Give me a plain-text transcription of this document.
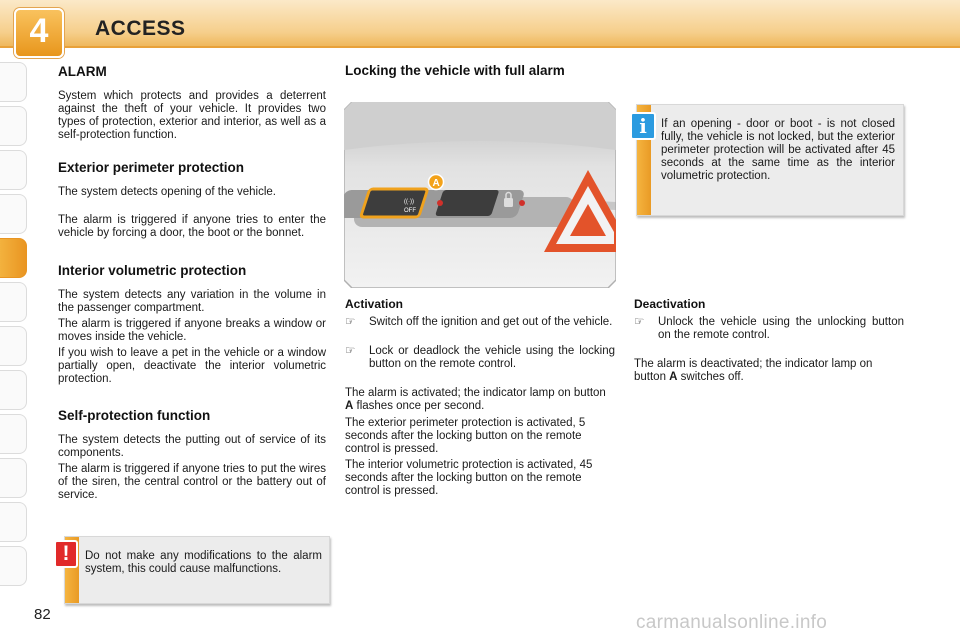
4	ACCESS
ALARM

System which protects and provides a deterrent against the theft of your vehicle. It provides two types of protection, exterior and interior, as well as a self-protection function.

Exterior perimeter protection

The system detects opening of the vehicle.

The alarm is triggered if anyone tries to enter the vehicle by forcing a door, the boot or the bonnet.

Interior volumetric protection

The system detects any variation in the volume in the passenger compartment.

The alarm is triggered if anyone breaks a window or moves inside the vehicle.

If you wish to leave a pet in the vehicle or a window partially open, deactivate the interior volumetric protection.

Self-protection function

The system detects the putting out of service of its components.

The alarm is triggered if anyone tries to put the wires of the siren, the central control or the battery out of service.

Do not make any modifications to the alarm system, this could cause malfunctions.
!
Locking the vehicle with full alarm
((·))
OFF
A
Activation
☞ Switch off the ignition and get out of the vehicle.
☞ Lock or deadlock the vehicle using the locking button on the remote control.

The alarm is activated; the indicator lamp on button A flashes once per second.

The exterior perimeter protection is activated, 5 seconds after the locking button on the remote control is pressed.

The interior volumetric protection is activated, 45 seconds after the locking button on the remote control is pressed.

If an opening - door or boot - is not closed fully, the vehicle is not locked, but the exterior perimeter protection will be activated after 45 seconds at the same time as the interior volumetric protection.
i
Deactivation
☞ Unlock the vehicle using the unlocking button on the remote control.

The alarm is deactivated; the indicator lamp on button A switches off.

82	carmanualsonline.info
